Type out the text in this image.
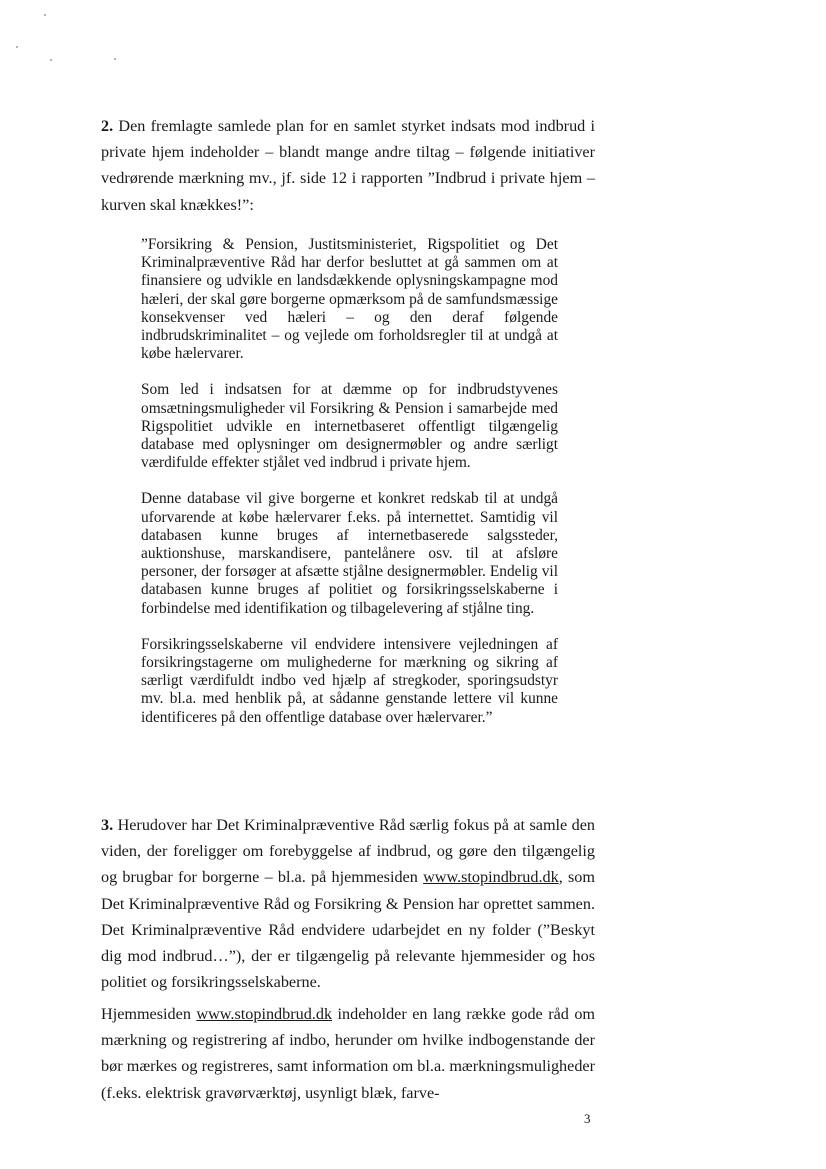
2. Den fremlagte samlede plan for en samlet styrket indsats mod indbrud i private hjem indeholder – blandt mange andre tiltag – følgende initiativer vedrørende mærkning mv., jf. side 12 i rapporten ”Indbrud i private hjem – kurven skal knækkes!”:

”Forsikring & Pension, Justitsministeriet, Rigspolitiet og Det Kriminalpræventive Råd har derfor besluttet at gå sammen om at finansiere og udvikle en landsdækkende oplysningskampagne mod hæleri, der skal gøre borgerne opmærksom på de samfundsmæssige konsekvenser ved hæleri – og den deraf følgende indbrudskriminalitet – og vejlede om forholdsregler til at undgå at købe hælervarer.

Som led i indsatsen for at dæmme op for indbrudstyvenes omsætningsmuligheder vil Forsikring & Pension i samarbejde med Rigspolitiet udvikle en internetbaseret offentligt tilgængelig database med oplysninger om designermøbler og andre særligt værdifulde effekter stjålet ved indbrud i private hjem.

Denne database vil give borgerne et konkret redskab til at undgå uforvarende at købe hælervarer f.eks. på internettet. Samtidig vil databasen kunne bruges af internetbaserede salgssteder, auktionshuse, marskandisere, pantelånere osv. til at afsløre personer, der forsøger at afsætte stjålne designermøbler. Endelig vil databasen kunne bruges af politiet og forsikringsselskaberne i forbindelse med identifikation og tilbagelevering af stjålne ting.

Forsikringsselskaberne vil endvidere intensivere vejledningen af forsikringstagerne om mulighederne for mærkning og sikring af særligt værdifuldt indbo ved hjælp af stregkoder, sporingsudstyr mv. bl.a. med henblik på, at sådanne genstande lettere vil kunne identificeres på den offentlige database over hælervarer.”

3. Herudover har Det Kriminalpræventive Råd særlig fokus på at samle den viden, der foreligger om forebyggelse af indbrud, og gøre den tilgængelig og brugbar for borgerne – bl.a. på hjemmesiden www.stopindbrud.dk, som Det Kriminalpræventive Råd og Forsikring & Pension har oprettet sammen. Det Kriminalpræventive Råd endvidere udarbejdet en ny folder (”Beskyt dig mod indbrud…”), der er tilgængelig på relevante hjemmesider og hos politiet og forsikringsselskaberne.

Hjemmesiden www.stopindbrud.dk indeholder en lang række gode råd om mærkning og registrering af indbo, herunder om hvilke indbogenstande der bør mærkes og registreres, samt information om bl.a. mærkningsmuligheder (f.eks. elektrisk gravørværktøj, usynligt blæk, farve-

3
